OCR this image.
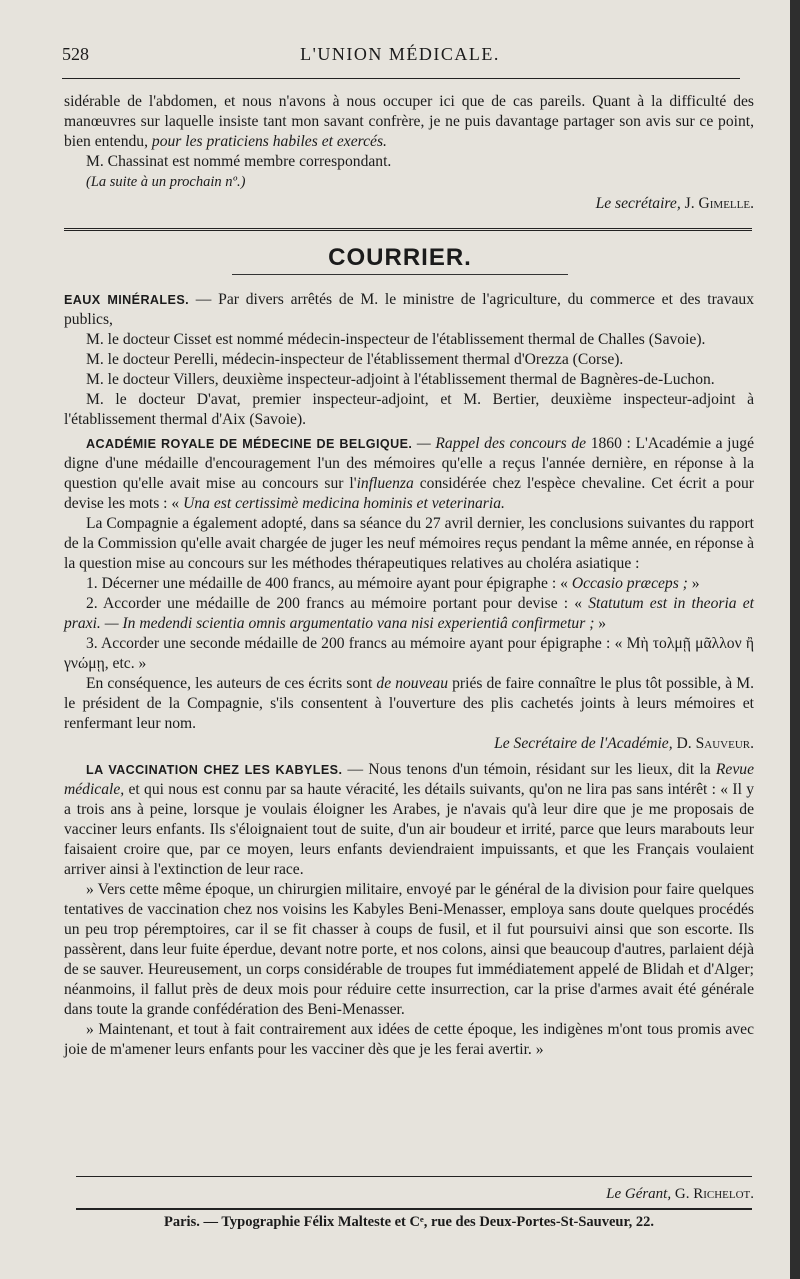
528	L'UNION MÉDICALE.

sidérable de l'abdomen, et nous n'avons à nous occuper ici que de cas pareils. Quant à la difficulté des manœuvres sur laquelle insiste tant mon savant confrère, je ne puis davantage partager son avis sur ce point, bien entendu, pour les praticiens habiles et exercés.

M. Chassinat est nommé membre correspondant.

(La suite à un prochain nº.)

Le secrétaire, J. Gimelle.

COURRIER.

EAUX MINÉRALES. — Par divers arrêtés de M. le ministre de l'agriculture, du commerce et des travaux publics,

M. le docteur Cisset est nommé médecin-inspecteur de l'établissement thermal de Challes (Savoie).

M. le docteur Perelli, médecin-inspecteur de l'établissement thermal d'Orezza (Corse).

M. le docteur Villers, deuxième inspecteur-adjoint à l'établissement thermal de Bagnères-de-Luchon.

M. le docteur D'avat, premier inspecteur-adjoint, et M. Bertier, deuxième inspecteur-adjoint à l'établissement thermal d'Aix (Savoie).

ACADÉMIE ROYALE DE MÉDECINE DE BELGIQUE. — Rappel des concours de 1860 : L'Académie a jugé digne d'une médaille d'encouragement l'un des mémoires qu'elle a reçus l'année dernière, en réponse à la question qu'elle avait mise au concours sur l'influenza considérée chez l'espèce chevaline. Cet écrit a pour devise les mots : « Una est certissimè medicina hominis et veterinaria.

La Compagnie a également adopté, dans sa séance du 27 avril dernier, les conclusions suivantes du rapport de la Commission qu'elle avait chargée de juger les neuf mémoires reçus pendant la même année, en réponse à la question mise au concours sur les méthodes thérapeutiques relatives au choléra asiatique :

1. Décerner une médaille de 400 francs, au mémoire ayant pour épigraphe : « Occasio præceps ; »

2. Accorder une médaille de 200 francs au mémoire portant pour devise : « Statutum est in theoria et praxi. — In medendi scientia omnis argumentatio vana nisi experientiâ confirmetur ; »

3. Accorder une seconde médaille de 200 francs au mémoire ayant pour épigraphe : « Μὴ τολμῇ μᾶλλον ἢ γνώμῃ, etc. »

En conséquence, les auteurs de ces écrits sont de nouveau priés de faire connaître le plus tôt possible, à M. le président de la Compagnie, s'ils consentent à l'ouverture des plis cachetés joints à leurs mémoires et renfermant leur nom.

Le Secrétaire de l'Académie, D. Sauveur.

LA VACCINATION CHEZ LES KABYLES. — Nous tenons d'un témoin, résidant sur les lieux, dit la Revue médicale, et qui nous est connu par sa haute véracité, les détails suivants, qu'on ne lira pas sans intérêt : « Il y a trois ans à peine, lorsque je voulais éloigner les Arabes, je n'avais qu'à leur dire que je me proposais de vacciner leurs enfants. Ils s'éloignaient tout de suite, d'un air boudeur et irrité, parce que leurs marabouts leur faisaient croire que, par ce moyen, leurs enfants deviendraient impuissants, et que les Français voulaient arriver ainsi à l'extinction de leur race.

» Vers cette même époque, un chirurgien militaire, envoyé par le général de la division pour faire quelques tentatives de vaccination chez nos voisins les Kabyles Beni-Menasser, employa sans doute quelques procédés un peu trop péremptoires, car il se fit chasser à coups de fusil, et il fut poursuivi ainsi que son escorte. Ils passèrent, dans leur fuite éperdue, devant notre porte, et nos colons, ainsi que beaucoup d'autres, parlaient déjà de se sauver. Heureusement, un corps considérable de troupes fut immédiatement appelé de Blidah et d'Alger; néanmoins, il fallut près de deux mois pour réduire cette insurrection, car la prise d'armes avait été générale dans toute la grande confédération des Beni-Menasser.

» Maintenant, et tout à fait contrairement aux idées de cette époque, les indigènes m'ont tous promis avec joie de m'amener leurs enfants pour les vacciner dès que je les ferai avertir. »

Le Gérant, G. Richelot.
Paris. — Typographie Félix Malteste et Cᵉ, rue des Deux-Portes-St-Sauveur, 22.
